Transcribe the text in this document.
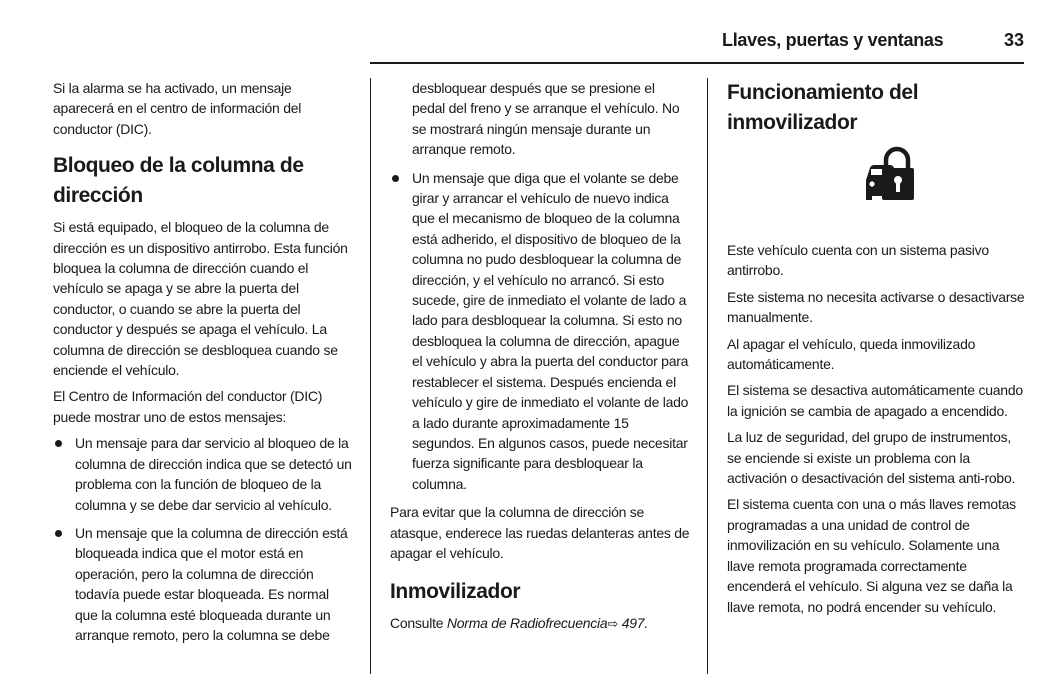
Llaves, puertas y ventanas	33

Si la alarma se ha activado, un mensaje aparecerá en el centro de información del conductor (DIC).

Bloqueo de la columna de dirección

Si está equipado, el bloqueo de la columna de dirección es un dispositivo antirrobo. Esta función bloquea la columna de dirección cuando el vehículo se apaga y se abre la puerta del conductor, o cuando se abre la puerta del conductor y después se apaga el vehículo. La columna de dirección se desbloquea cuando se enciende el vehículo.

El Centro de Información del conductor (DIC) puede mostrar uno de estos mensajes:

Un mensaje para dar servicio al bloqueo de la columna de dirección indica que se detectó un problema con la función de bloqueo de la columna y se debe dar servicio al vehículo.
Un mensaje que la columna de dirección está bloqueada indica que el motor está en operación, pero la columna de dirección todavía puede estar bloqueada. Es normal que la columna esté bloqueada durante un arranque remoto, pero la columna se debe
desbloquear después que se presione el pedal del freno y se arranque el vehículo. No se mostrará ningún mensaje durante un arranque remoto.
Un mensaje que diga que el volante se debe girar y arrancar el vehículo de nuevo indica que el mecanismo de bloqueo de la columna está adherido, el dispositivo de bloqueo de la columna no pudo desbloquear la columna de dirección, y el vehículo no arrancó. Si esto sucede, gire de inmediato el volante de lado a lado para desbloquear la columna. Si esto no desbloquea la columna de dirección, apague el vehículo y abra la puerta del conductor para restablecer el sistema. Después encienda el vehículo y gire de inmediato el volante de lado a lado durante aproximadamente 15 segundos. En algunos casos, puede necesitar fuerza significante para desbloquear la columna.

Para evitar que la columna de dirección se atasque, enderece las ruedas delanteras antes de apagar el vehículo.

Inmovilizador

Consulte Norma de Radiofrecuencia⇨ 497.

Funcionamiento del inmovilizador

Este vehículo cuenta con un sistema pasivo antirrobo.

Este sistema no necesita activarse o desactivarse manualmente.

Al apagar el vehículo, queda inmovilizado automáticamente.

El sistema se desactiva automáticamente cuando la ignición se cambia de apagado a encendido.

La luz de seguridad, del grupo de instrumentos, se enciende si existe un problema con la activación o desactivación del sistema anti-robo.

El sistema cuenta con una o más llaves remotas programadas a una unidad de control de inmovilización en su vehículo. Solamente una llave remota programada correctamente encenderá el vehículo. Si alguna vez se daña la llave remota, no podrá encender su vehículo.
